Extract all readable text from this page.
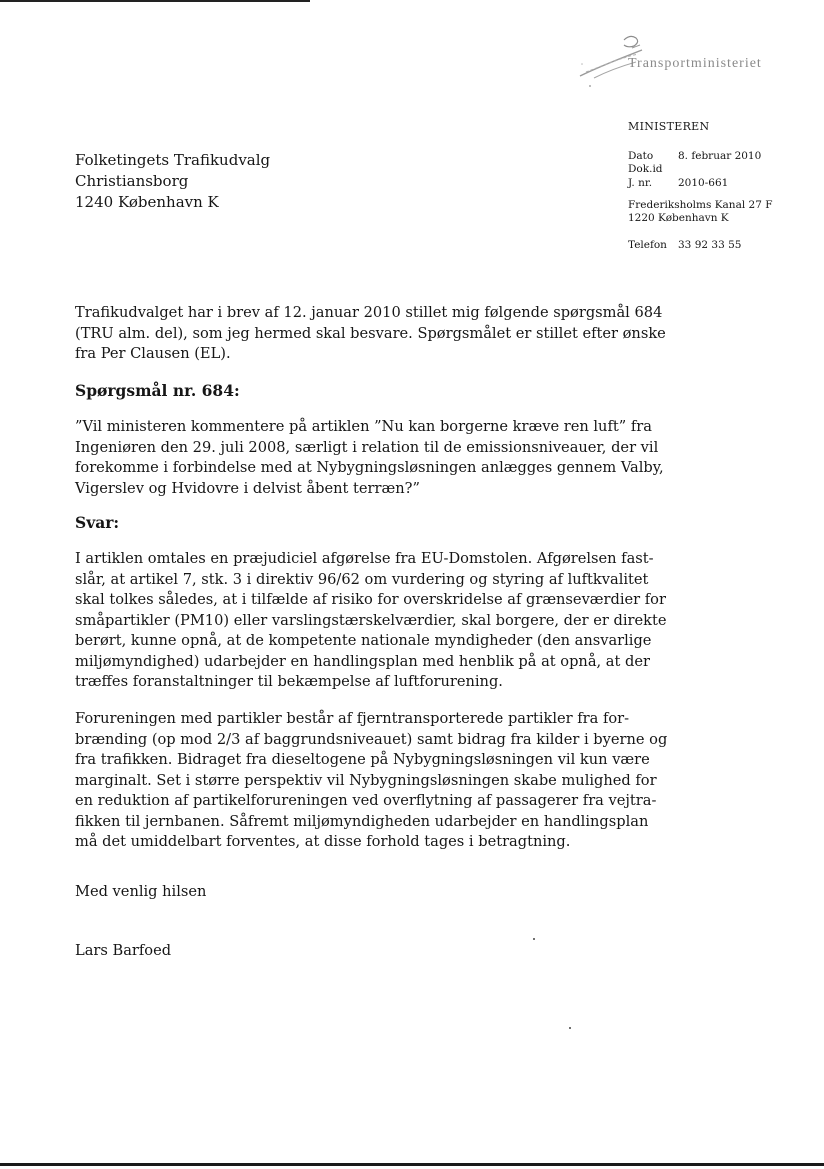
Transportministeriet
MINISTEREN
Dato 8. februar 2010
Dok.id
J. nr. 2010-661
Frederiksholms Kanal 27 F
1220 København K
Telefon 33 92 33 55
Folketingets Trafikudvalg
Christiansborg
1240 København K
Trafikudvalget har i brev af 12. januar 2010 stillet mig følgende spørgsmål 684
(TRU alm. del), som jeg hermed skal besvare. Spørgsmålet er stillet efter ønske
fra Per Clausen (EL).
Spørgsmål nr. 684:
”Vil ministeren kommentere på artiklen ”Nu kan borgerne kræve ren luft” fra
Ingeniøren den 29. juli 2008, særligt i relation til de emissionsniveauer, der vil
forekomme i forbindelse med at Nybygningsløsningen anlægges gennem Valby,
Vigerslev og Hvidovre i delvist åbent terræn?”
Svar:
I artiklen omtales en præjudiciel afgørelse fra EU-Domstolen. Afgørelsen fast-
slår, at artikel 7, stk. 3 i direktiv 96/62 om vurdering og styring af luftkvalitet
skal tolkes således, at i tilfælde af risiko for overskridelse af grænseværdier for
småpartikler (PM10) eller varslingstærskelværdier, skal borgere, der er direkte
berørt, kunne opnå, at de kompetente nationale myndigheder (den ansvarlige
miljømyndighed) udarbejder en handlingsplan med henblik på at opnå, at der
træffes foranstaltninger til bekæmpelse af luftforurening.
Forureningen med partikler består af fjerntransporterede partikler fra for-
brænding (op mod 2/3 af baggrundsniveauet) samt bidrag fra kilder i byerne og
fra trafikken. Bidraget fra dieseltogene på Nybygningsløsningen vil kun være
marginalt. Set i større perspektiv vil Nybygningsløsningen skabe mulighed for
en reduktion af partikelforureningen ved overflytning af passagerer fra vejtra-
fikken til jernbanen. Såfremt miljømyndigheden udarbejder en handlingsplan
må det umiddelbart forventes, at disse forhold tages i betragtning.
Med venlig hilsen
Lars Barfoed
